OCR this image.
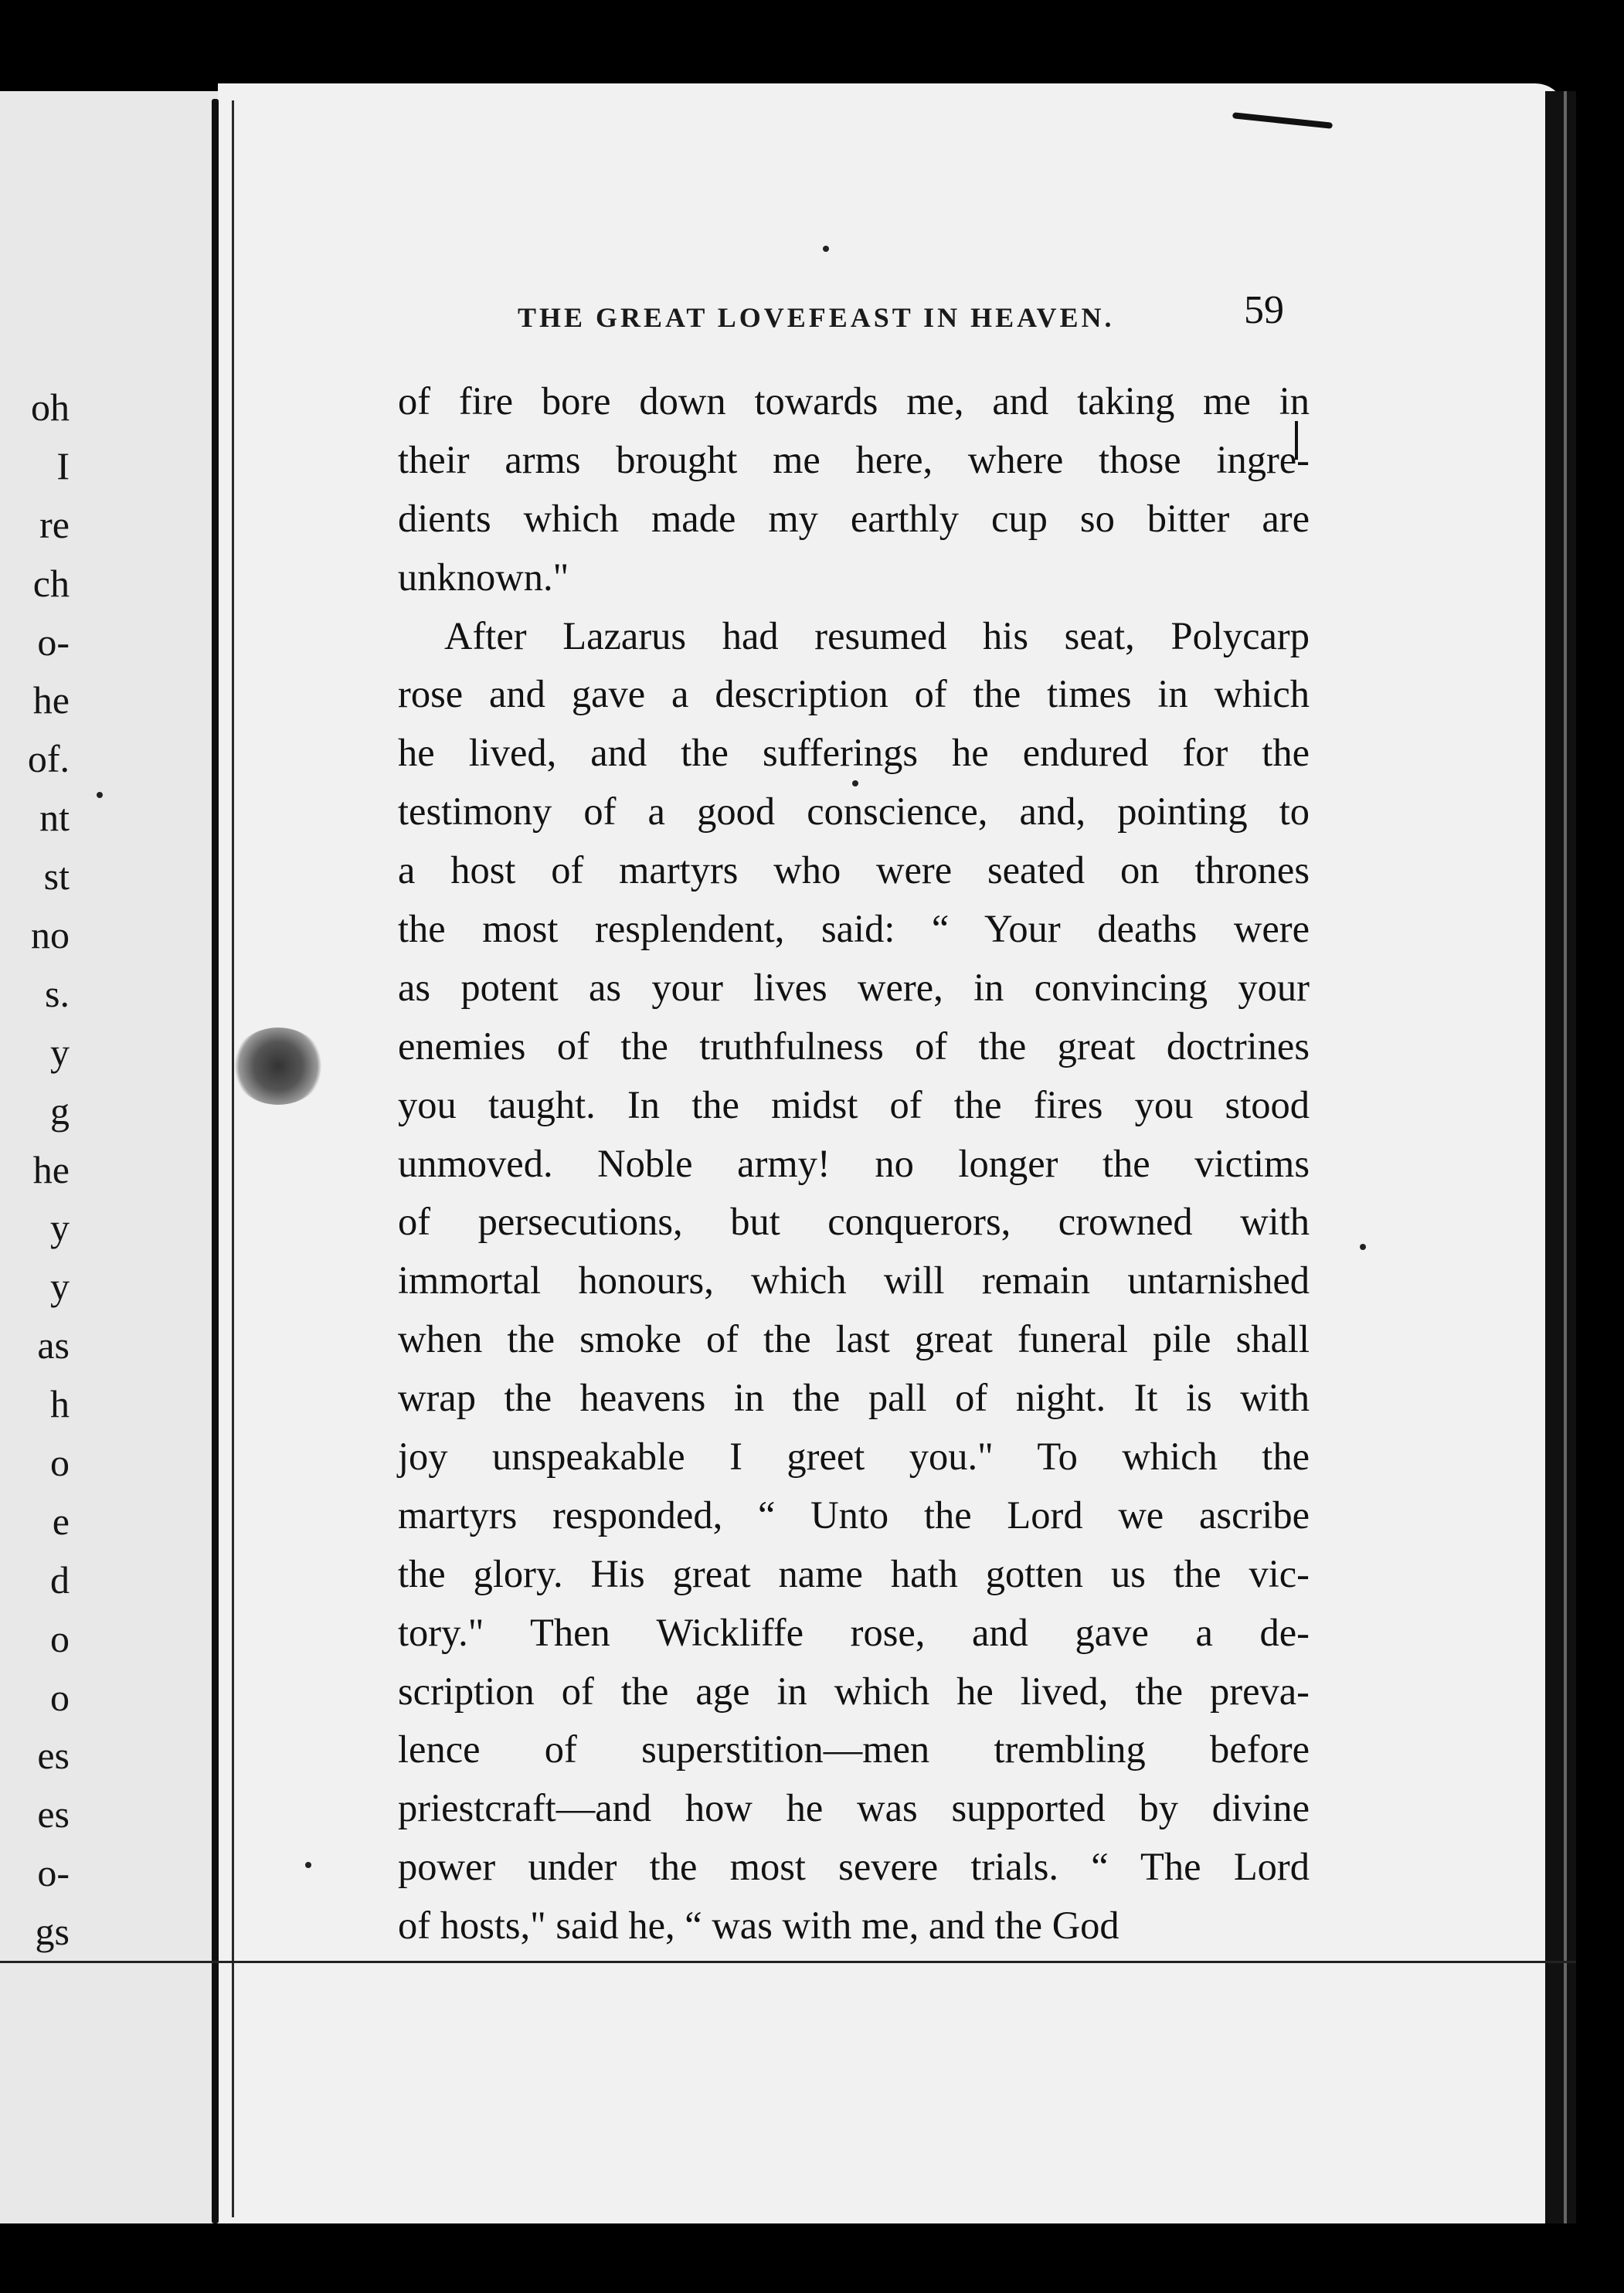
oh
I
re
ch
o-
he
of.
nt
st
no
s.
y
g
he
y
y
as
h
o
e
d
o
o
es
es
o-
gs
THE GREAT LOVEFEAST IN HEAVEN.	59
of fire bore down towards me, and taking me in
their arms brought me here, where those ingre-
dients which made my earthly cup so bitter are
unknown."
After Lazarus had resumed his seat, Polycarp
rose and gave a description of the times in which
he lived, and the sufferings he endured for the
testimony of a good conscience, and, pointing to
a host of martyrs who were seated on thrones
the most resplendent, said: “ Your deaths were
as potent as your lives were, in convincing your
enemies of the truthfulness of the great doctrines
you taught. In the midst of the fires you stood
unmoved. Noble army! no longer the victims
of persecutions, but conquerors, crowned with
immortal honours, which will remain untarnished
when the smoke of the last great funeral pile shall
wrap the heavens in the pall of night. It is with
joy unspeakable I greet you." To which the
martyrs responded, “ Unto the Lord we ascribe
the glory. His great name hath gotten us the vic-
tory." Then Wickliffe rose, and gave a de-
scription of the age in which he lived, the preva-
lence of superstition—men trembling before
priestcraft—and how he was supported by divine
power under the most severe trials. “ The Lord
of hosts," said he, “ was with me, and the God
